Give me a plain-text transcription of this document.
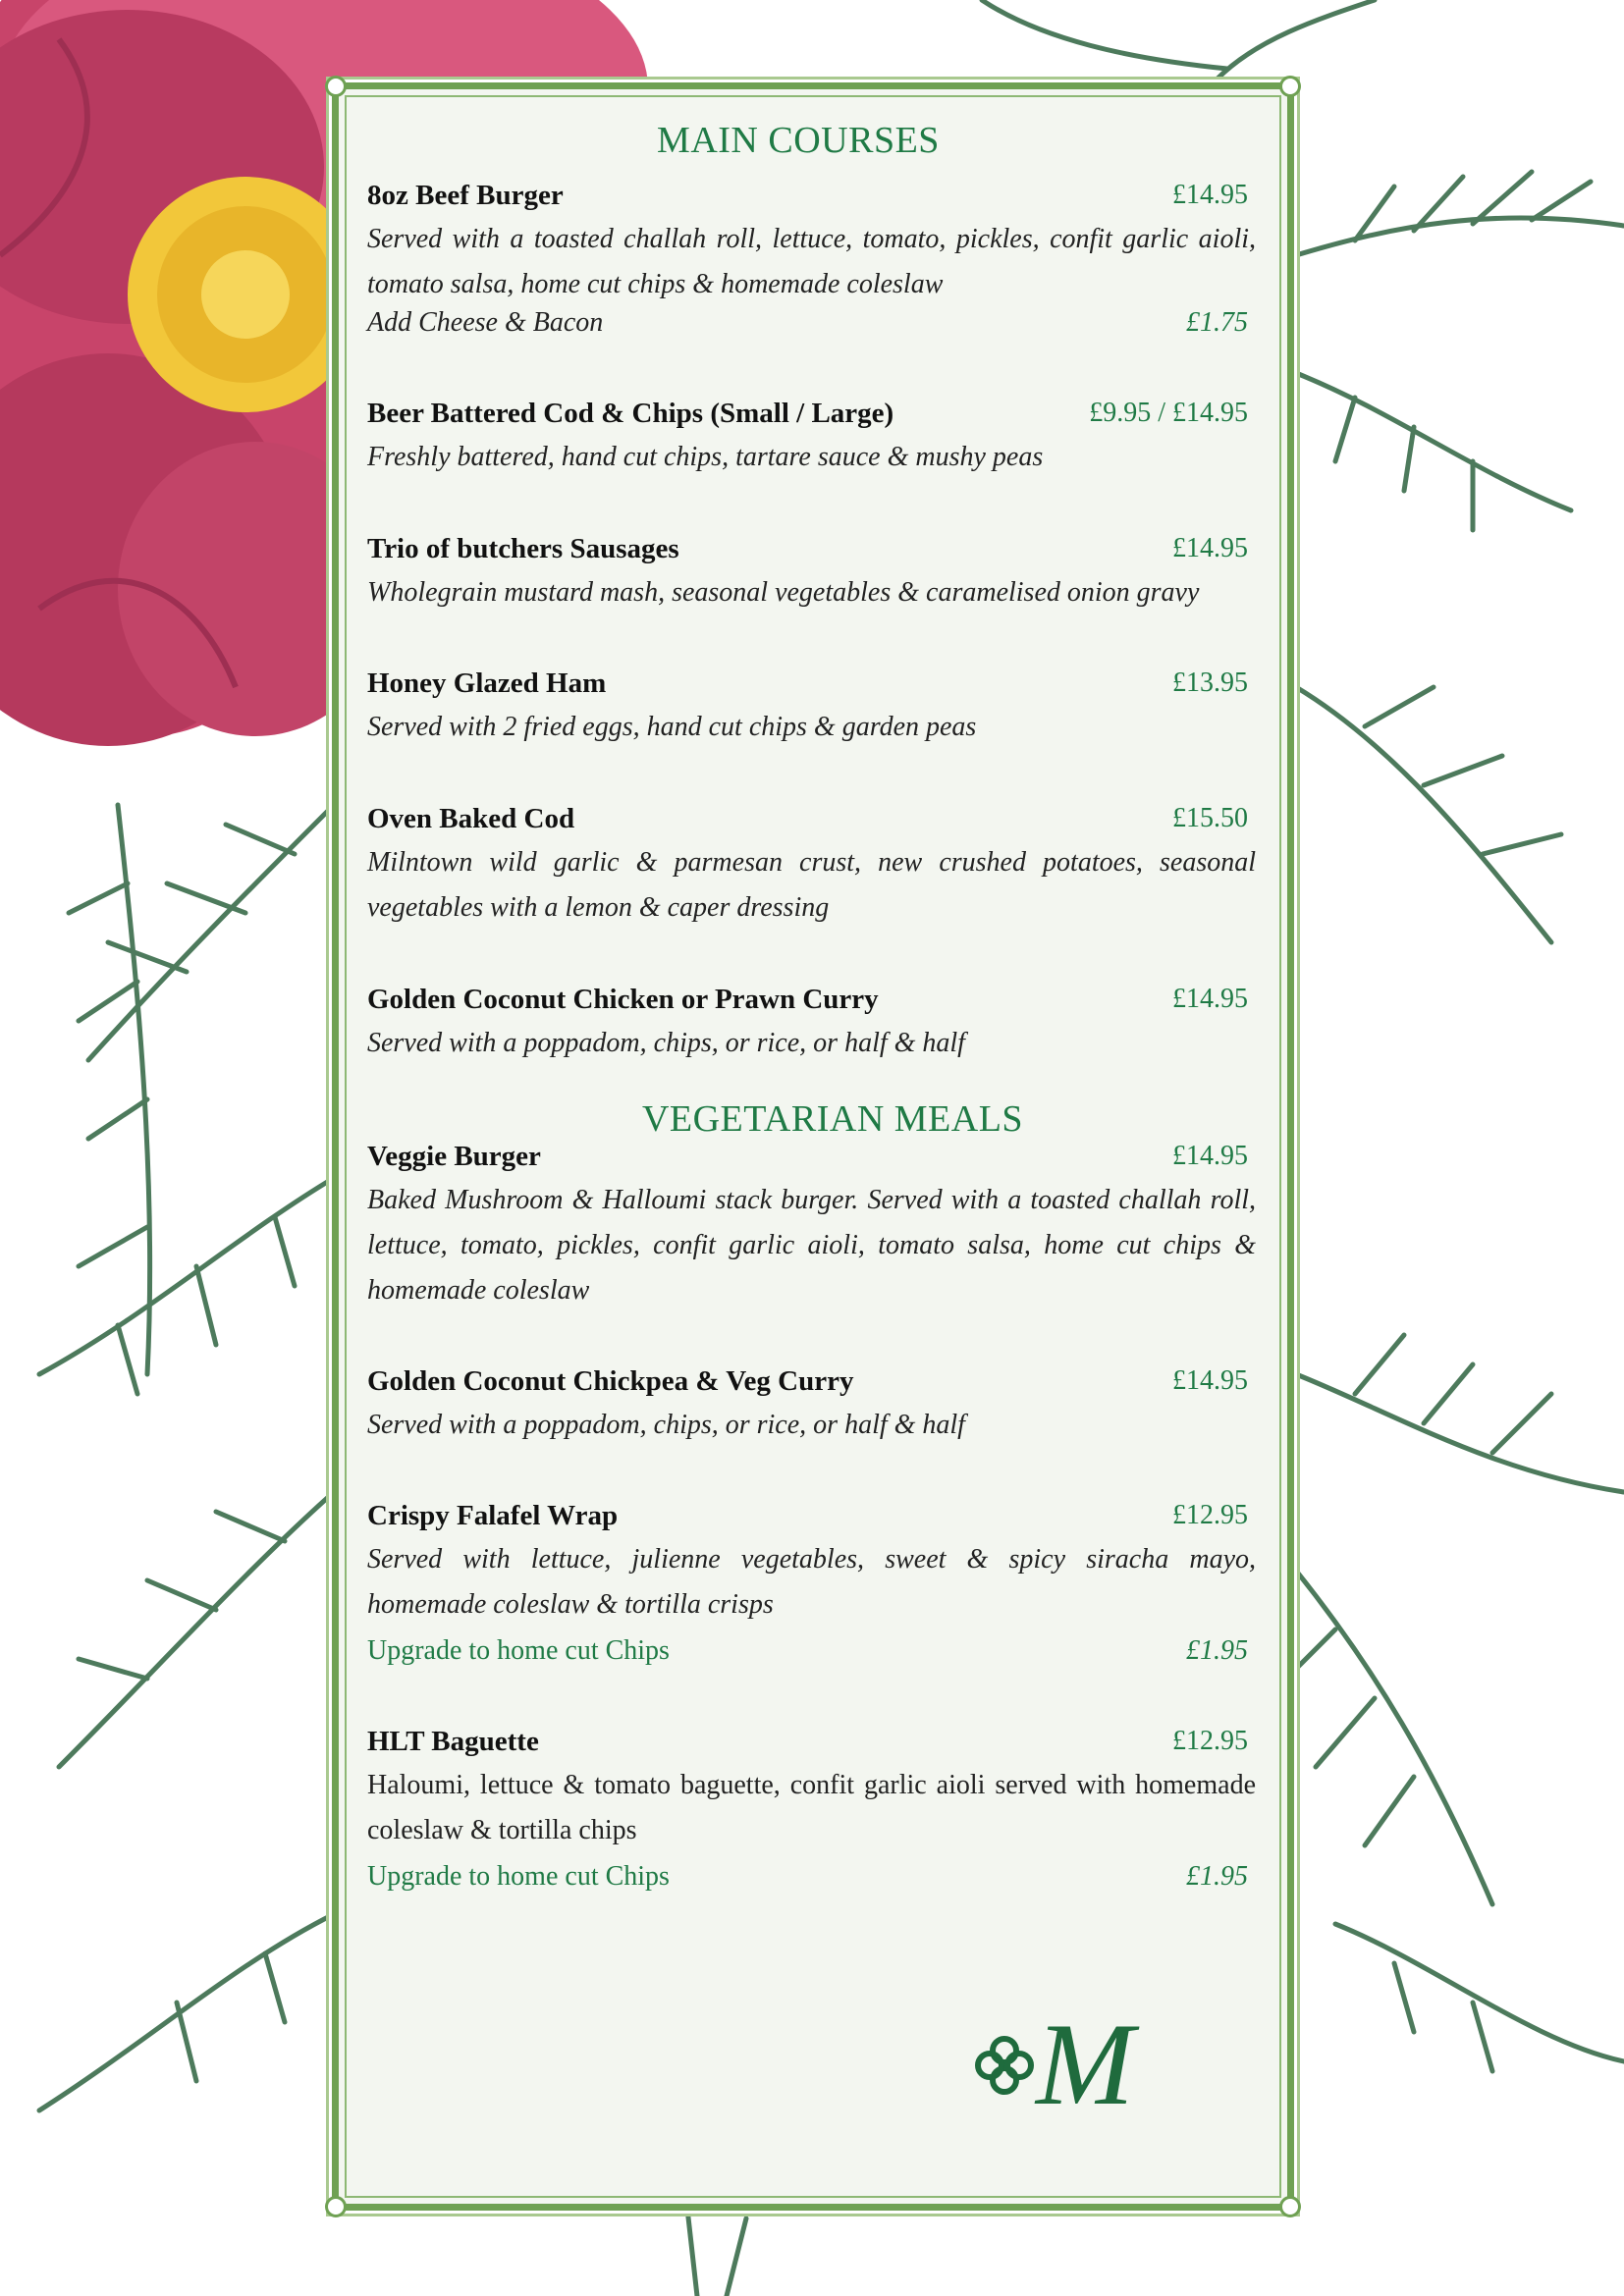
MAIN COURSES
8oz Beef Burger	£14.95
Served with a toasted challah roll, lettuce, tomato, pickles, confit garlic aioli, tomato salsa, home cut chips & homemade coleslaw
Add Cheese & Bacon	£1.75
Beer Battered Cod & Chips (Small / Large)	£9.95 / £14.95
Freshly battered, hand cut chips, tartare sauce & mushy peas
Trio of butchers Sausages	£14.95
Wholegrain mustard mash, seasonal vegetables & caramelised onion gravy
Honey Glazed Ham	£13.95
Served with 2 fried eggs, hand cut chips & garden peas
Oven Baked Cod	£15.50
Milntown wild garlic & parmesan crust, new crushed potatoes, seasonal vegetables with a lemon & caper dressing
Golden Coconut Chicken or Prawn Curry	£14.95
Served with a poppadom, chips, or rice, or half & half
VEGETARIAN MEALS
Veggie Burger	£14.95
Baked Mushroom & Halloumi stack burger. Served with a toasted challah roll, lettuce, tomato, pickles, confit garlic aioli, tomato salsa, home cut chips & homemade coleslaw
Golden Coconut Chickpea & Veg Curry	£14.95
Served with a poppadom, chips, or rice, or half & half
Crispy Falafel Wrap	£12.95
Served with lettuce, julienne vegetables, sweet & spicy siracha mayo, homemade coleslaw & tortilla crisps
Upgrade to home cut Chips	£1.95
HLT Baguette	£12.95
Haloumi, lettuce & tomato baguette, confit garlic aioli served with homemade coleslaw & tortilla chips
Upgrade to home cut Chips	£1.95
M
